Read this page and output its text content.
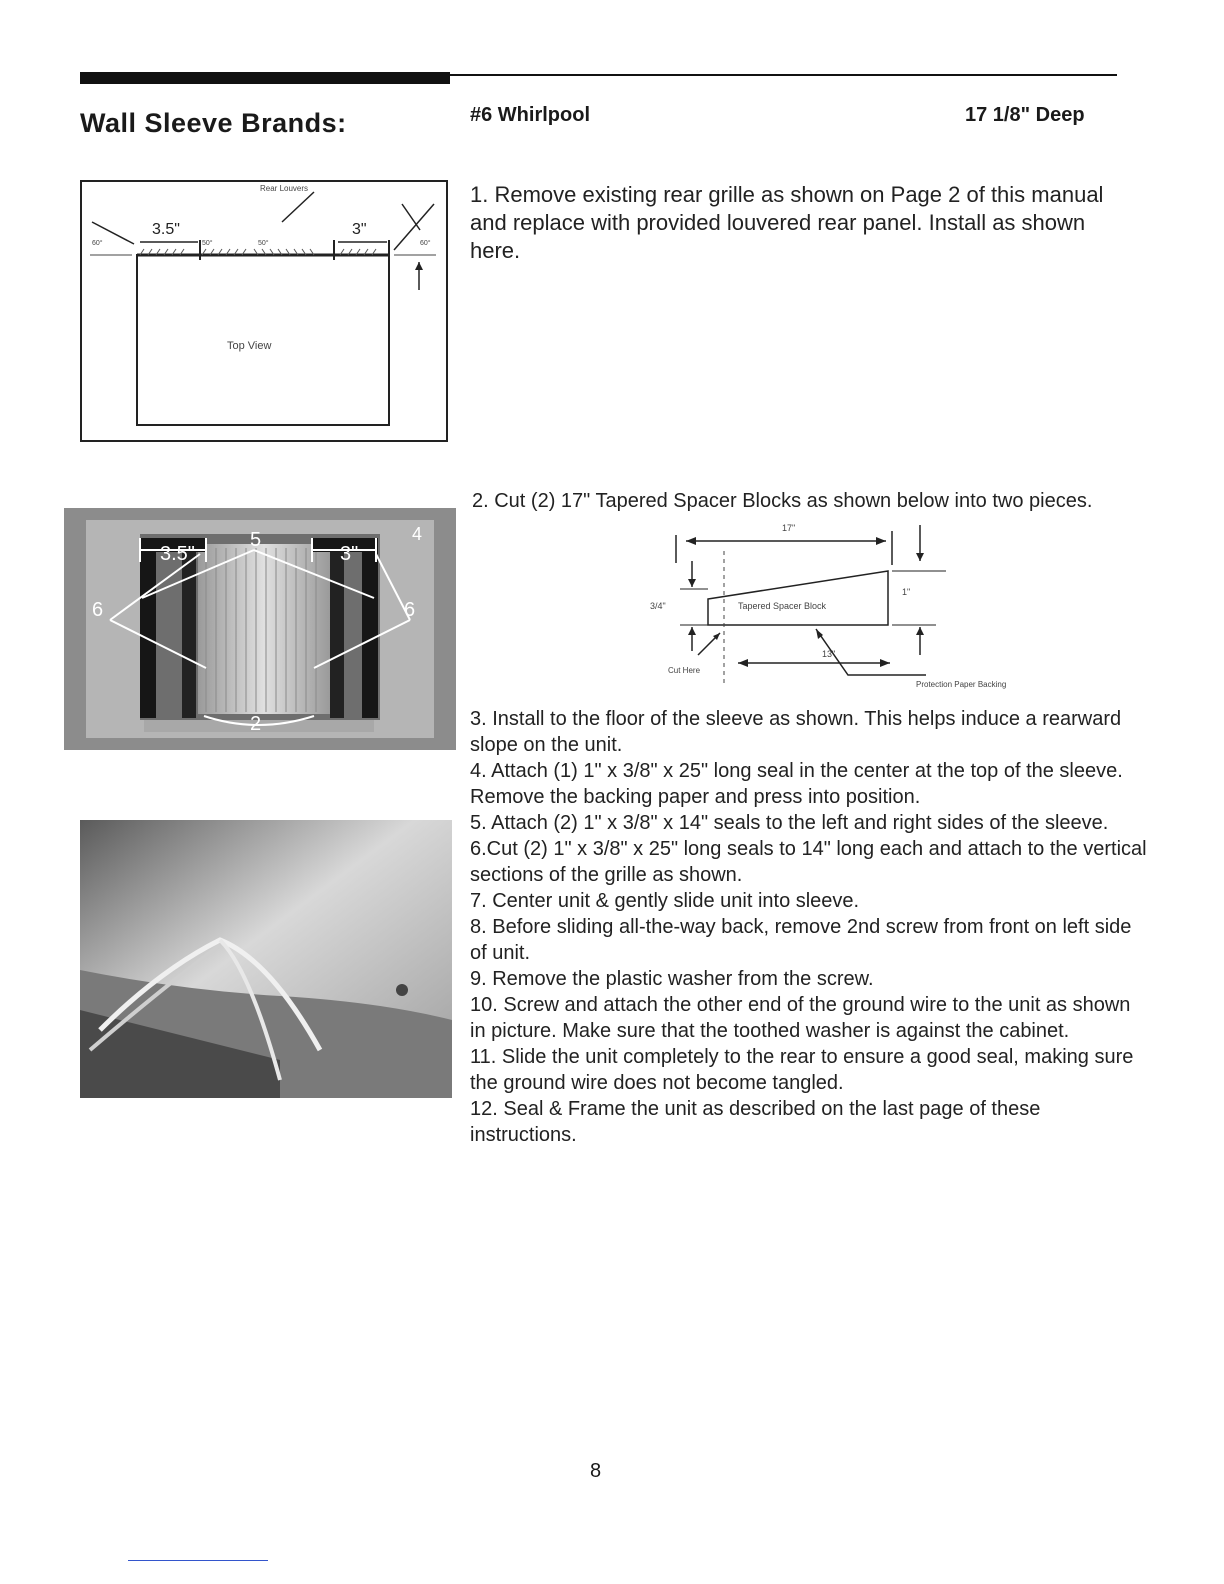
Wall Sleeve Brands:	#6 Whirlpool	17 1/8" Deep
Rear Louvers
3.5"	3"
60°	60°
50°	50°
Top View
1. Remove existing rear grille as shown on Page 2 of this manual and replace with provided louvered rear panel. Install as shown here.
3.5"	3"
5	4
6	6
2
2. Cut (2) 17" Tapered Spacer Blocks as shown below into two pieces.
17"
3/4"
1"
Tapered Spacer Block
13"
Cut Here
Protection Paper Backing

3. Install to the floor of the sleeve as shown. This helps induce a rearward slope on the unit.

4. Attach (1) 1" x 3/8" x 25" long seal in the center at the top of the sleeve. Remove the backing paper and press into position.

5. Attach (2) 1" x 3/8" x 14" seals to the left and right sides of the sleeve.

6.Cut (2) 1" x 3/8" x 25" long seals to 14" long each and attach to the vertical sections of the grille as shown.

7. Center unit & gently slide unit into sleeve.

8. Before sliding all-the-way back, remove 2nd screw from front on left side of unit.

9. Remove the plastic washer from the screw.

10. Screw and attach the other end of the ground wire to the unit as shown in picture. Make sure that the toothed washer is against the cabinet.

11. Slide the unit completely to the rear to ensure a good seal, making sure the ground wire does not become tangled.

12. Seal & Frame the unit as described on the last page of these instructions.

8
